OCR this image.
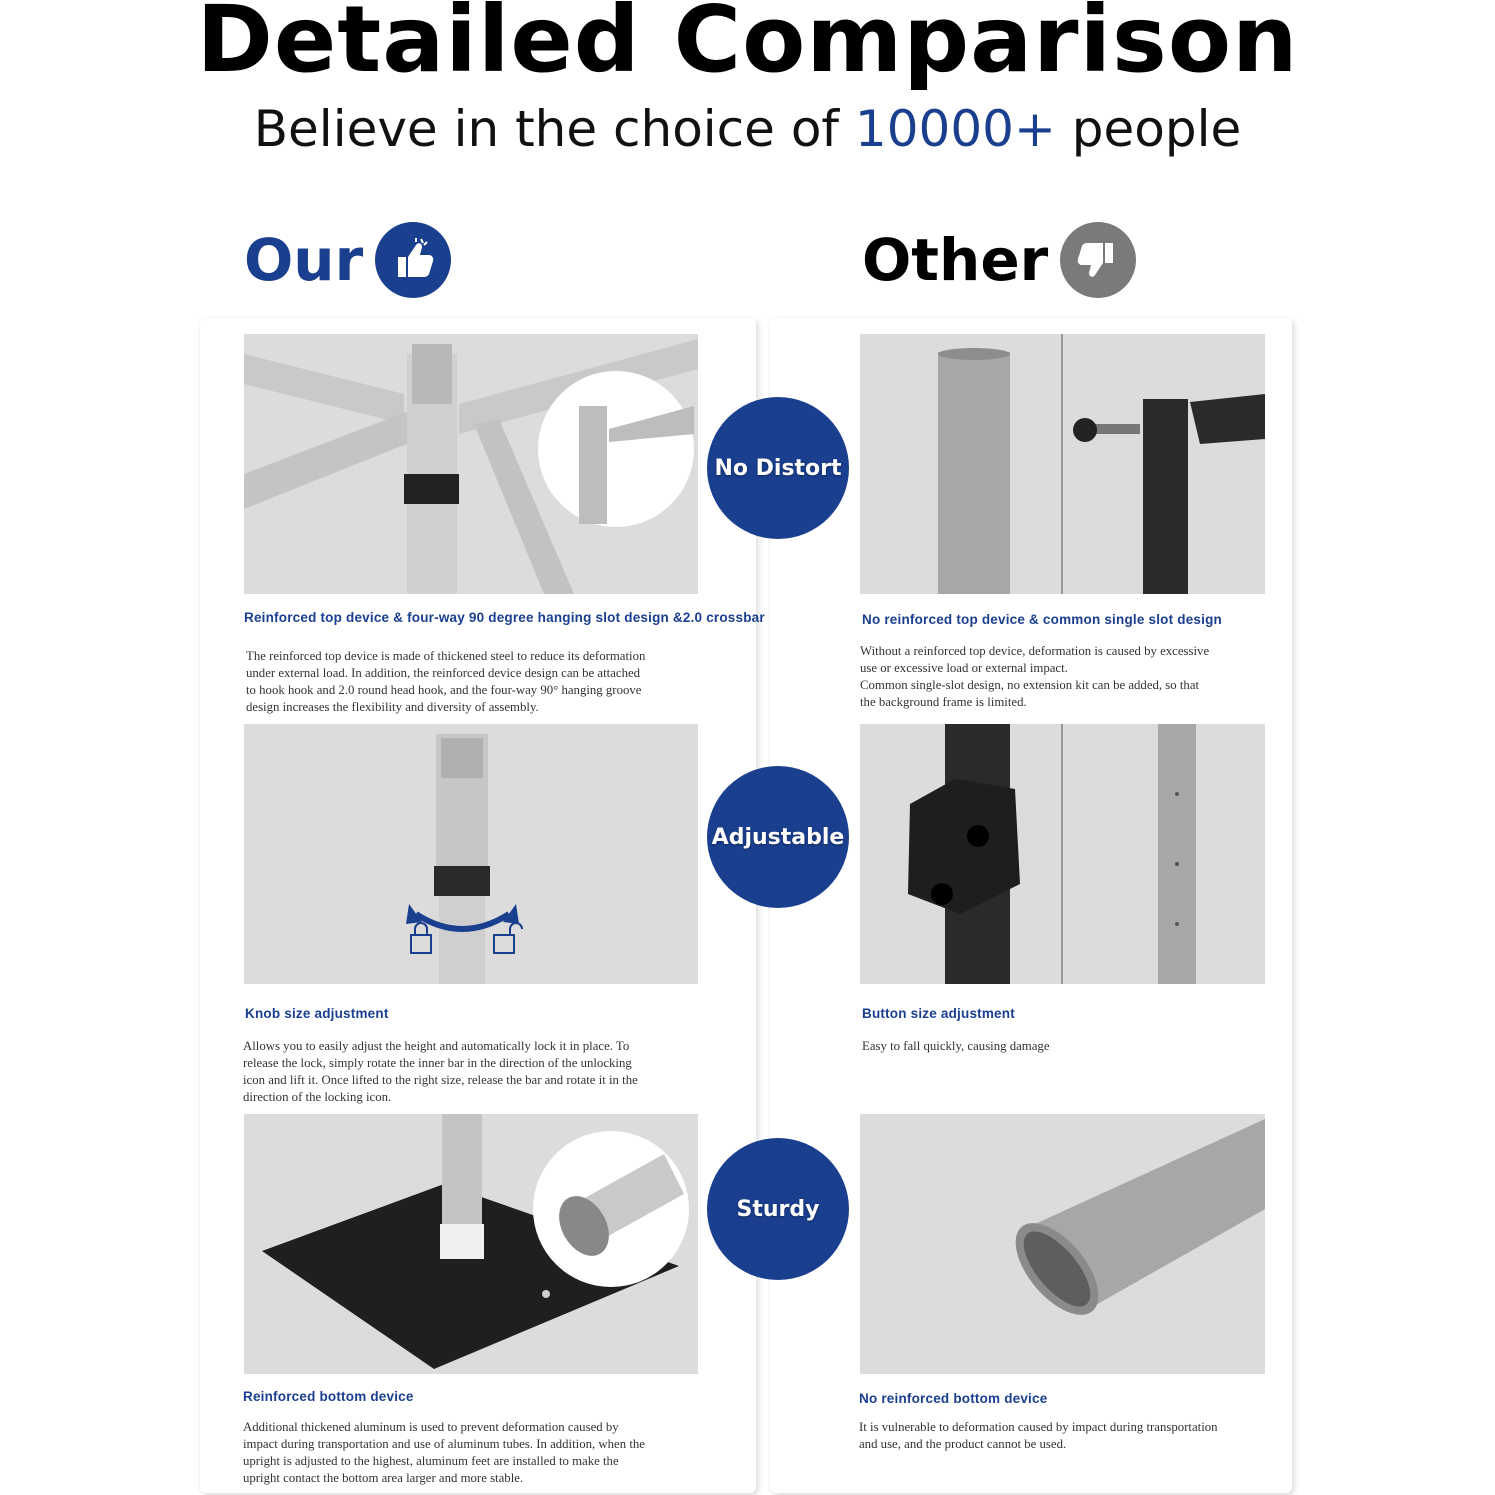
Detailed Comparison
Believe in the choice of 10000+ people
Our	Other
Reinforced top device & four-way 90 degree hanging slot design &2.0 crossbar
The reinforced top device is made of thickened steel to reduce its deformation
under external load. In addition, the reinforced device design can be attached
to hook hook and 2.0 round head hook, and the four-way 90° hanging groove
design increases the flexibility and diversity of assembly.
No reinforced top device & common single slot design
Without a reinforced top device, deformation is caused by excessive
use or excessive load or external impact.
Common single-slot design, no extension kit can be added, so that
the background frame is limited.
No Distort
Knob size adjustment
Allows you to easily adjust the height and automatically lock it in place. To
release the lock, simply rotate the inner bar in the direction of the unlocking
icon and lift it. Once lifted to the right size, release the bar and rotate it in the
direction of the locking icon.
Button size adjustment
Easy to fall quickly, causing damage
Adjustable
Reinforced bottom device
Additional thickened aluminum is used to prevent deformation caused by
impact during transportation and use of aluminum tubes. In addition, when the
upright is adjusted to the highest, aluminum feet are installed to make the
upright contact the bottom area larger and more stable.
No reinforced bottom device
It is vulnerable to deformation caused by impact during transportation
and use, and the product cannot be used.
Sturdy
